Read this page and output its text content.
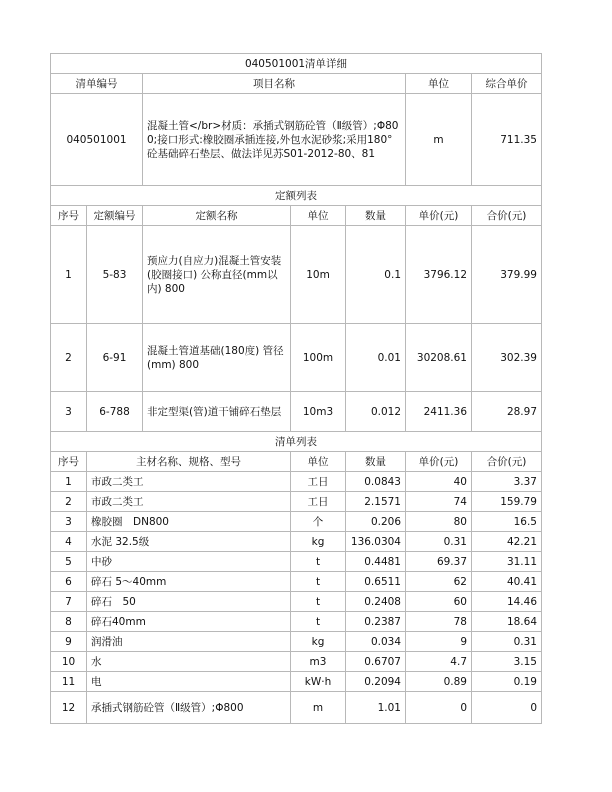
040501001清单详细						
清单编号		项目名称			单位	综合单价
040501001		混凝土管</br>材质：承插式钢筋砼管（Ⅱ级管）;Φ800;接口形式:橡胶圈承插连接,外包水泥砂浆;采用180°砼基础碎石垫层、做法详见苏S01-2012-80、81			m	711.35
定额列表						
序号	定额编号	定额名称	单位	数量	单价(元)	合价(元)
1	5-83	预应力(自应力)混凝土管安装(胶圈接口) 公称直径(mm以内) 800	10m	0.1	3796.12	379.99
2	6-91	混凝土管道基础(180度) 管径(mm) 800	100m	0.01	30208.61	302.39
3	6-788	非定型渠(管)道干铺碎石垫层	10m3	0.012	2411.36	28.97
清单列表						
序号	主材名称、规格、型号		单位	数量	单价(元)	合价(元)
1	市政二类工		工日	0.0843	40	3.37
2	市政二类工		工日	2.1571	74	159.79
3	橡胶圈　DN800		个	0.206	80	16.5
4	水泥 32.5级		kg	136.0304	0.31	42.21
5	中砂		t	0.4481	69.37	31.11
6	碎石 5～40mm		t	0.6511	62	40.41
7	碎石　50		t	0.2408	60	14.46
8	碎石40mm		t	0.2387	78	18.64
9	润滑油		kg	0.034	9	0.31
10	水		m3	0.6707	4.7	3.15
11	电		kW·h	0.2094	0.89	0.19
12	承插式钢筋砼管（Ⅱ级管）;Φ800		m	1.01	0	0
